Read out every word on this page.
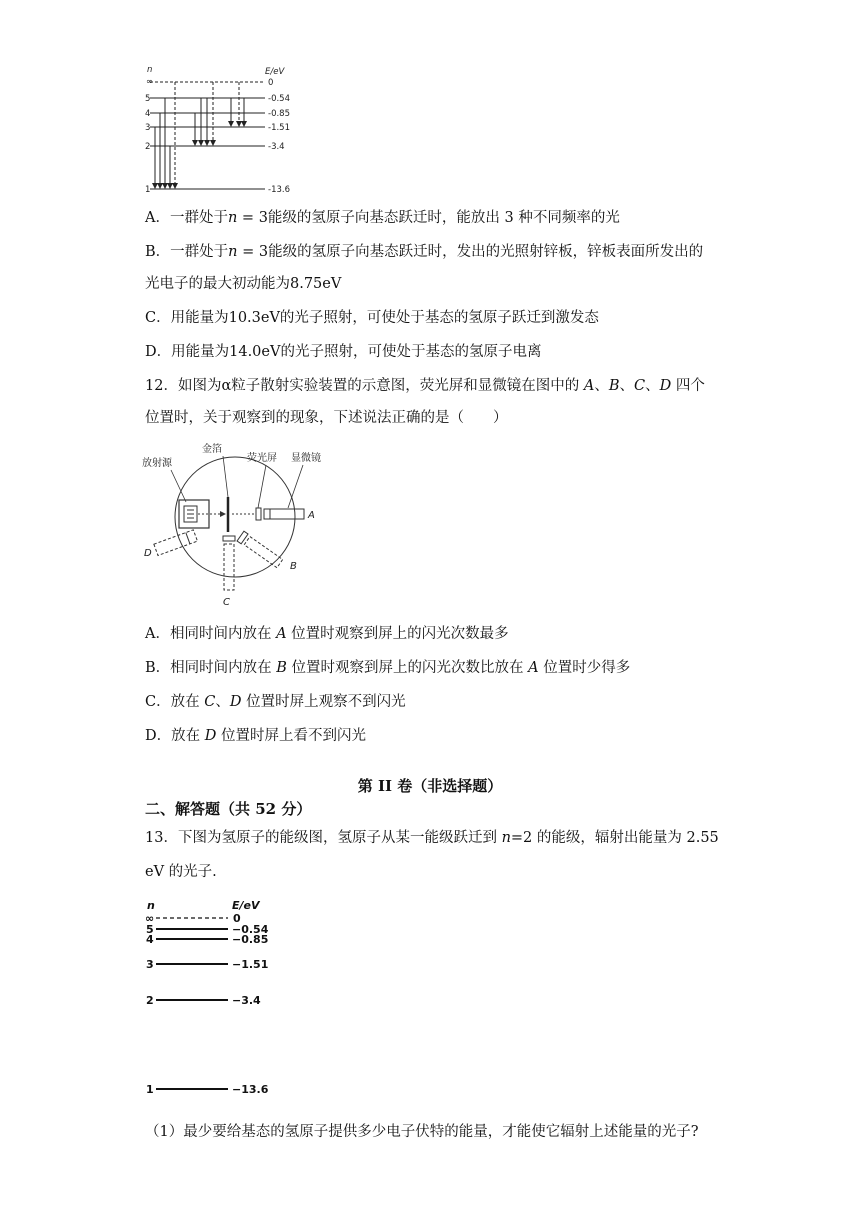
n
∞
E/eV
0
5
4
3
2
1
-0.54
-0.85
-1.51
-3.4
-13.6
A．一群处于n = 3能级的氢原子向基态跃迁时，能放出 3 种不同频率的光
B．一群处于n = 3能级的氢原子向基态跃迁时，发出的光照射锌板，锌板表面所发出的
光电子的最大初动能为8.75eV
C．用能量为10.3eV的光子照射，可使处于基态的氢原子跃迁到激发态
D．用能量为14.0eV的光子照射，可使处于基态的氢原子电离
12．如图为α粒子散射实验装置的示意图，荧光屏和显微镜在图中的 A、B、C、D 四个
位置时，关于观察到的现象，下述说法正确的是（　　）
放射源
金箔
荧光屏 显微镜
A
B
C
D
A．相同时间内放在 A 位置时观察到屏上的闪光次数最多
B．相同时间内放在 B 位置时观察到屏上的闪光次数比放在 A 位置时少得多
C．放在 C、D 位置时屏上观察不到闪光
D．放在 D 位置时屏上看不到闪光
第 II 卷（非选择题）
二、解答题（共 52 分）
13．下图为氢原子的能级图，氢原子从某一能级跃迁到 n=2 的能级，辐射出能量为 2.55
eV 的光子.
n	E/eV
∞	0
5
4
3
2
1
−0.54
−0.85
−1.51
−3.4
−13.6
（1）最少要给基态的氢原子提供多少电子伏特的能量，才能使它辐射上述能量的光子?
